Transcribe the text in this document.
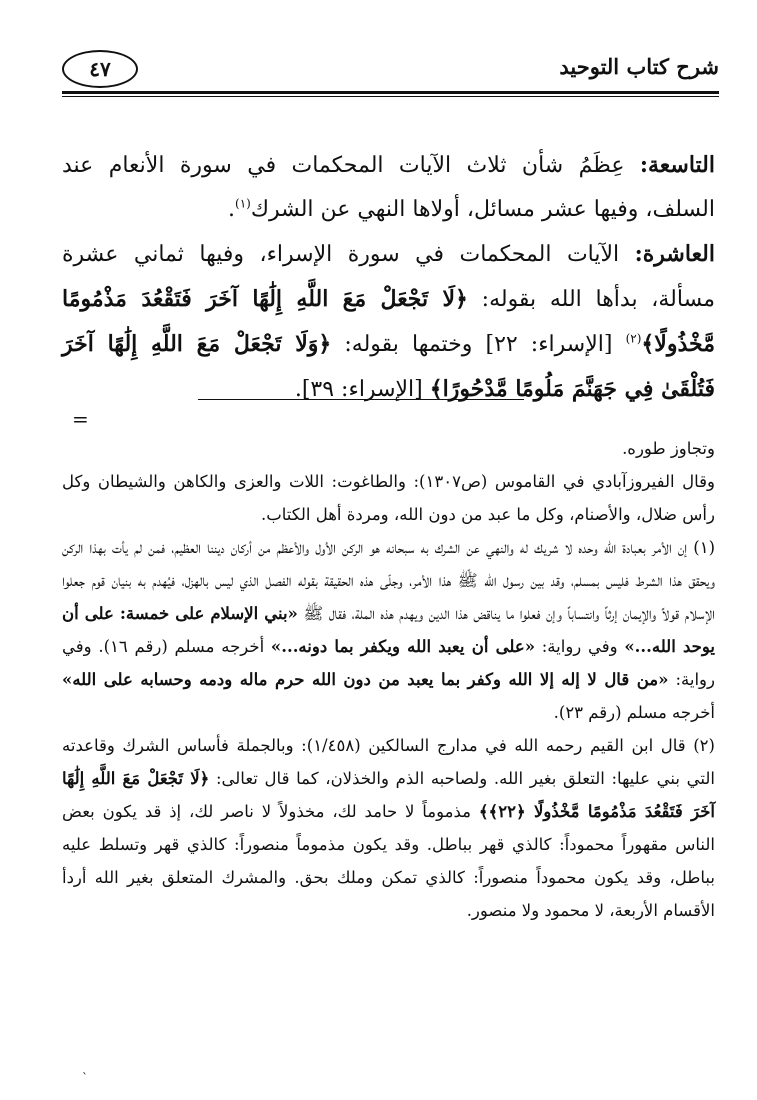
شرح كتاب التوحيد
٤٧

التاسعة: عِظَمُ شأن ثلاث الآيات المحكمات في سورة الأنعام عند السلف، وفيها عشر مسائل، أولاها النهي عن الشرك$^{(١)}$.

العاشرة: الآيات المحكمات في سورة الإسراء، وفيها ثماني عشرة مسألة، بدأها الله بقوله: ﴿لَا تَجْعَلْ مَعَ اللَّهِ إِلَٰهًا آخَرَ فَتَقْعُدَ مَذْمُومًا مَّخْذُولًا﴾$^{(٢)}$ [الإسراء: ٢٢] وختمها بقوله: ﴿وَلَا تَجْعَلْ مَعَ اللَّهِ إِلَٰهًا آخَرَ فَتُلْقَىٰ فِي جَهَنَّمَ مَلُومًا مَّدْحُورًا﴾ [الإسراء: ٣٩].

=

وتجاوز طوره.

وقال الفيروزآبادي في القاموس (ص١٣٠٧): والطاغوت: اللات والعزى والكاهن والشيطان وكل رأس ضلال، والأصنام، وكل ما عبد من دون الله، ومردة أهل الكتاب.

(١) إن الأمر بعبادة الله وحده لا شريك له والنهي عن الشرك به سبحانه هو الركن الأول والأعظم من أركان ديننا العظيم، فمن لم يأت بهذا الركن ويحقق هذا الشرط فليس بمسلم، وقد بين رسول الله ﷺ هذا الأمر، وجلّى هذه الحقيقة بقوله الفصل الذي ليس بالهزل، فيُهدم به بنيان قوم جعلوا الإسلام قولاً والإيمان إرثاً وانتساباً وإن فعلوا ما يناقض هذا الدين ويهدم هذه الملة، فقال ﷺ «بني الإسلام على خمسة: على أن يوحد الله...» وفي رواية: «على أن يعبد الله ويكفر بما دونه...» أخرجه مسلم (رقم ١٦). وفي رواية: «من قال لا إله إلا الله وكفر بما يعبد من دون الله حرم ماله ودمه وحسابه على الله» أخرجه مسلم (رقم ٢٣).

(٢) قال ابن القيم رحمه الله في مدارج السالكين (١/٤٥٨): وبالجملة فأساس الشرك وقاعدته التي بني عليها: التعلق بغير الله. ولصاحبه الذم والخذلان، كما قال تعالى: ﴿لَا تَجْعَلْ مَعَ اللَّهِ إِلَٰهًا آخَرَ فَتَقْعُدَ مَذْمُومًا مَّخْذُولًا ﴿٢٢﴾﴾ مذموماً لا حامد لك، مخذولاً لا ناصر لك، إذ قد يكون بعض الناس مقهوراً محموداً: كالذي قهر بباطل. وقد يكون مذموماً منصوراً: كالذي قهر وتسلط عليه بباطل، وقد يكون محموداً منصوراً: كالذي تمكن وملك بحق. والمشرك المتعلق بغير الله أردأ الأقسام الأربعة، لا محمود ولا منصور.

`
